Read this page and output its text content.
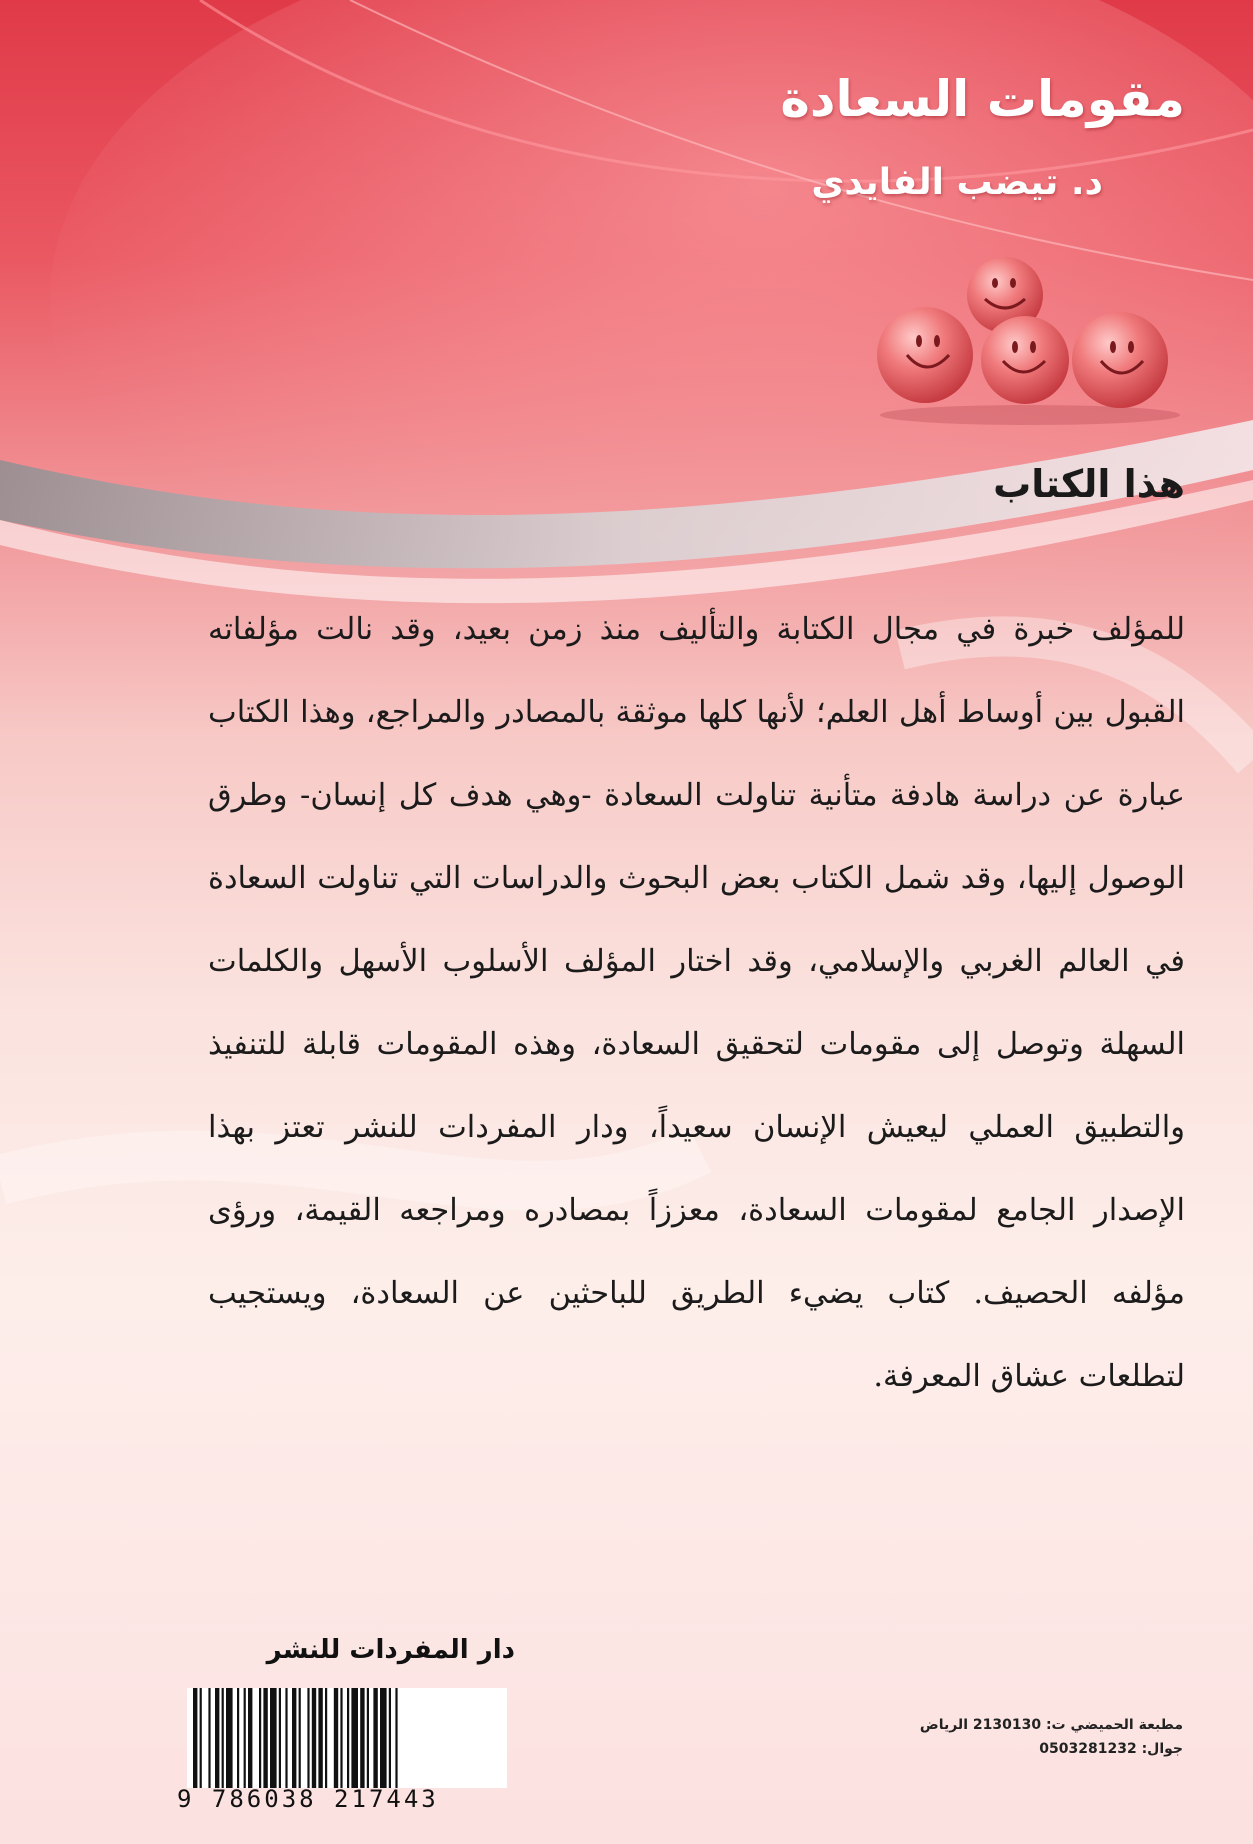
مقومات السعادة
د. تيضب الفايدي
هذا الكتاب
للمؤلف خبرة في مجال الكتابة والتأليف منذ زمن بعيد، وقد نالت مؤلفاته القبول بين أوساط أهل العلم؛ لأنها كلها موثقة بالمصادر والمراجع، وهذا الكتاب عبارة عن دراسة هادفة متأنية تناولت السعادة -وهي هدف كل إنسان- وطرق الوصول إليها، وقد شمل الكتاب بعض البحوث والدراسات التي تناولت السعادة في العالم الغربي والإسلامي، وقد اختار المؤلف الأسلوب الأسهل والكلمات السهلة وتوصل إلى مقومات لتحقيق السعادة، وهذه المقومات قابلة للتنفيذ والتطبيق العملي ليعيش الإنسان سعيداً، ودار المفردات للنشر تعتز بهذا الإصدار الجامع لمقومات السعادة، معززاً بمصادره ومراجعه القيمة، ورؤى مؤلفه الحصيف. كتاب يضيء الطريق للباحثين عن السعادة، ويستجيب لتطلعات عشاق المعرفة.
دار المفردات للنشر
9 786038 217443
مطبعة الحميضي ت: 2130130 الرياض
جوال: 0503281232
